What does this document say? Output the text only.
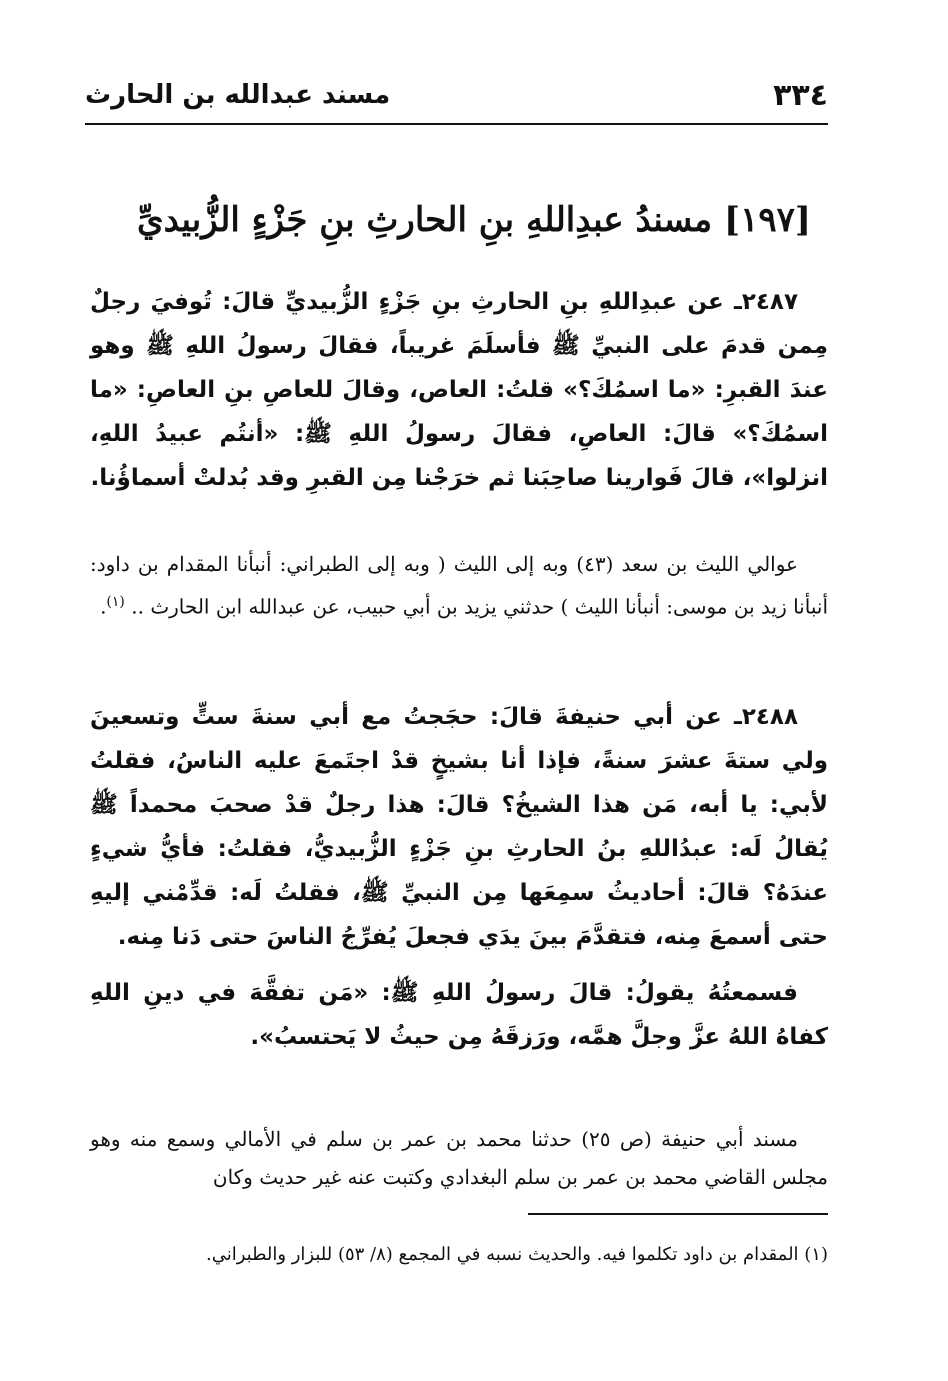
٣٣٤
مسند عبدالله بن الحارث
[١٩٧] مسندُ عبدِاللهِ بنِ الحارثِ بنِ جَزْءٍ الزُّبيديِّ

٢٤٨٧ـ عن عبدِاللهِ بنِ الحارثِ بنِ جَزْءٍ الزُّبيديِّ قالَ: تُوفيَ رجلٌ مِمن قدمَ على النبيِّ ﷺ فأسلَمَ غريباً، فقالَ رسولُ اللهِ ﷺ وهو عندَ القبرِ: «ما اسمُكَ؟» قلتُ: العاص، وقالَ للعاصِ بنِ العاصِ: «ما اسمُكَ؟» قالَ: العاصِ، فقالَ رسولُ اللهِ ﷺ: «أنتُم عبيدُ اللهِ، انزلوا»، قالَ فَوارينا صاحِبَنا ثم خرَجْنا مِن القبرِ وقد بُدلتْ أسماؤُنا.

عوالي الليث بن سعد (٤٣) وبه إلى الليث ( وبه إلى الطبراني: أنبأنا المقدام بن داود: أنبأنا زيد بن موسى: أنبأنا الليث ) حدثني يزيد بن أبي حبيب، عن عبدالله ابن الحارث .. $^{(١)}$.

٢٤٨٨ـ عن أبي حنيفةَ قالَ: حجَجتُ مع أبي سنةَ ستٍّ وتسعينَ ولي ستةَ عشرَ سنةً، فإذا أنا بشيخٍ قدْ اجتَمعَ عليه الناسُ، فقلتُ لأبي: يا أبه، مَن هذا الشيخُ؟ قالَ: هذا رجلٌ قدْ صحبَ محمداً ﷺ يُقالُ لَه: عبدُاللهِ بنُ الحارثِ بنِ جَزْءٍ الزُّبيديُّ، فقلتُ: فأيُّ شيءٍ عندَهُ؟ قالَ: أحاديثُ سمِعَها مِن النبيِّ ﷺ، فقلتُ لَه: قدِّمْني إليهِ حتى أسمعَ مِنه، فتقدَّمَ بينَ يدَي فجعلَ يُفرِّجُ الناسَ حتى دَنا مِنه.

فسمعتُهُ يقولُ: قالَ رسولُ اللهِ ﷺ: «مَن تفقَّهَ في دينِ اللهِ كفاهُ اللهُ عزَّ وجلَّ همَّه، ورَزقَهُ مِن حيثُ لا يَحتسبُ».

مسند أبي حنيفة (ص ٢٥) حدثنا محمد بن عمر بن سلم في الأمالي وسمع منه وهو مجلس القاضي محمد بن عمر بن سلم البغدادي وكتبت عنه غير حديث وكان

(١) المقدام بن داود تكلموا فيه. والحديث نسبه في المجمع (٨/ ٥٣) للبزار والطبراني.
